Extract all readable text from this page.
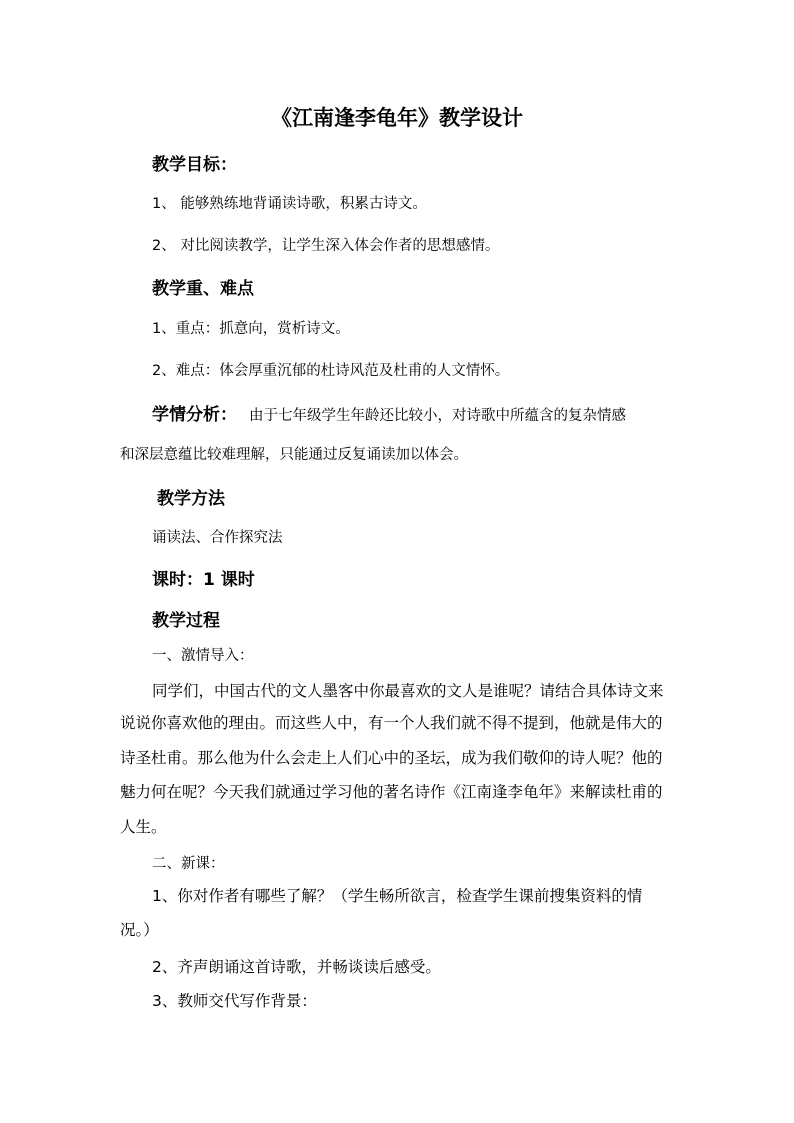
《江南逢李龟年》教学设计
教学目标：
1、 能够熟练地背诵读诗歌，积累古诗文。
2、 对比阅读教学，让学生深入体会作者的思想感情。
教学重、难点
1、重点：抓意向，赏析诗文。
2、难点：体会厚重沉郁的杜诗风范及杜甫的人文情怀。
学情分析： 由于七年级学生年龄还比较小，对诗歌中所蕴含的复杂情感
和深层意蕴比较难理解，只能通过反复诵读加以体会。
教学方法
诵读法、合作探究法
课时：1 课时
教学过程
一、激情导入：
同学们，中国古代的文人墨客中你最喜欢的文人是谁呢？请结合具体诗文来
说说你喜欢他的理由。而这些人中，有一个人我们就不得不提到，他就是伟大的
诗圣杜甫。那么他为什么会走上人们心中的圣坛，成为我们敬仰的诗人呢？他的
魅力何在呢？今天我们就通过学习他的著名诗作《江南逢李龟年》来解读杜甫的
人生。
二、新课：
1、你对作者有哪些了解？（学生畅所欲言，检查学生课前搜集资料的情
况。）
2、齐声朗诵这首诗歌，并畅谈读后感受。
3、教师交代写作背景：
